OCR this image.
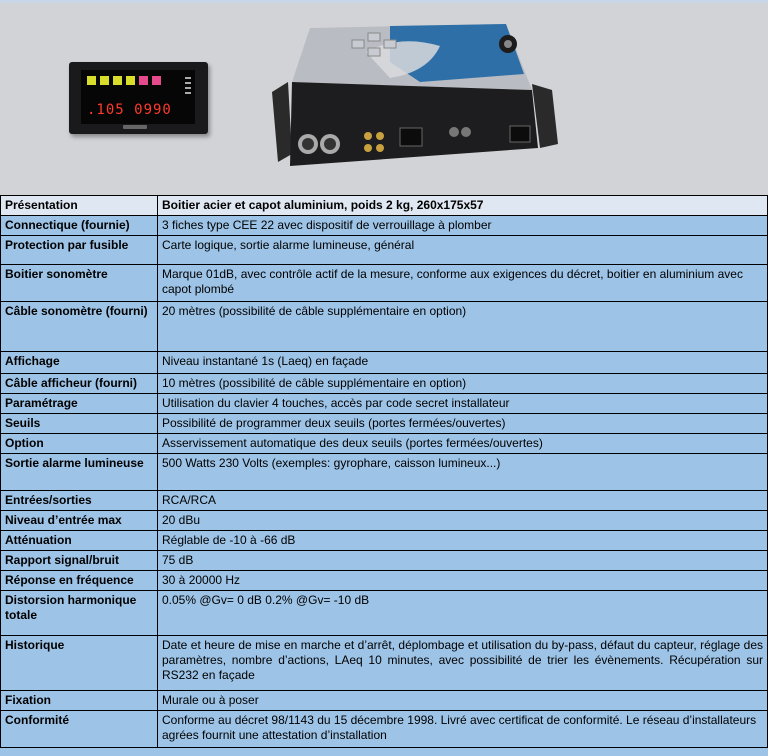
.105 0990
Présentation	Boitier acier et capot aluminium, poids 2 kg, 260x175x57
Connectique (fournie)	3 fiches type CEE 22 avec dispositif de verrouillage à plomber
Protection par fusible	Carte logique, sortie alarme lumineuse, général
Boitier sonomètre	Marque 01dB, avec contrôle actif de la mesure, conforme aux exigences du décret, boitier en aluminium avec capot plombé
Câble sonomètre (fourni)	20 mètres (possibilité de câble supplémentaire en option)
Affichage	Niveau instantané 1s (Laeq) en façade
Câble afficheur (fourni)	10 mètres (possibilité de câble supplémentaire en option)
Paramétrage	Utilisation du clavier 4 touches, accès par code secret installateur
Seuils	Possibilité de programmer deux seuils (portes fermées/ouvertes)
Option	Asservissement automatique des deux seuils (portes fermées/ouvertes)
Sortie alarme lumineuse	500 Watts 230 Volts (exemples: gyrophare, caisson lumineux...)
Entrées/sorties	RCA/RCA
Niveau d’entrée max	20 dBu
Atténuation	Réglable de -10 à -66 dB
Rapport signal/bruit	75 dB
Réponse en fréquence	30 à 20000 Hz
Distorsion harmonique totale	0.05% @Gv= 0 dB 0.2% @Gv= -10 dB
Historique	Date et heure de mise en marche et d’arrêt, déplombage et utilisation du by-pass, défaut du capteur, réglage des paramètres, nombre d’actions, LAeq 10 minutes, avec possibilité de trier les évènements. Récupération sur RS232 en façade
Fixation	Murale ou à poser
Conformité	Conforme au décret 98/1143 du 15 décembre 1998. Livré avec certificat de conformité. Le réseau d’installateurs agrées fournit une attestation d’installation
